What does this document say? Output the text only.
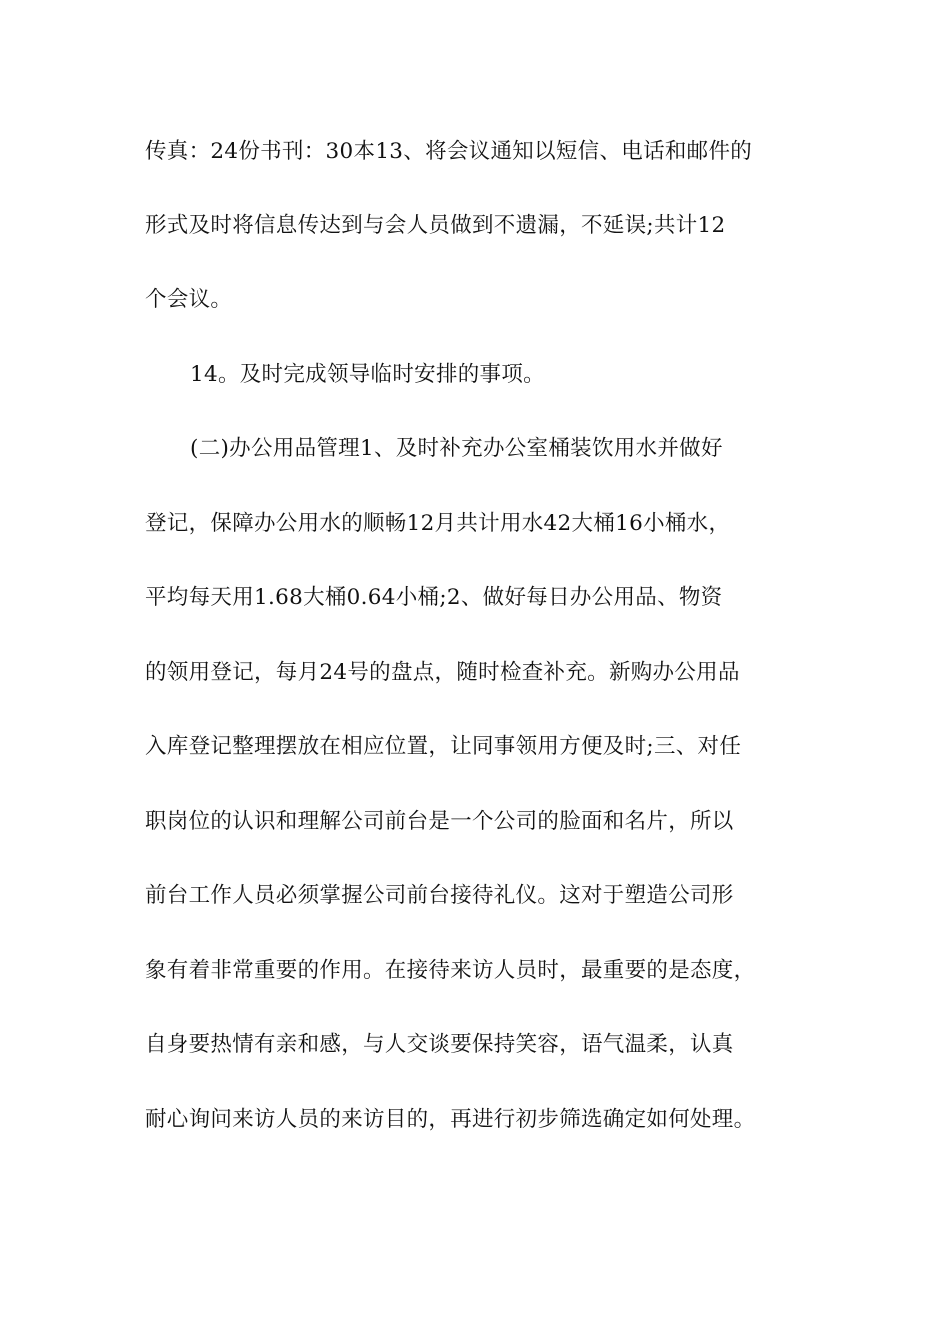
传真：24份书刊：30本13、将会议通知以短信、电话和邮件的
形式及时将信息传达到与会人员做到不遗漏，不延误;共计12
个会议。
14。及时完成领导临时安排的事项。
(二)办公用品管理1、及时补充办公室桶装饮用水并做好
登记，保障办公用水的顺畅12月共计用水42大桶16小桶水，
平均每天用1.68大桶0.64小桶;2、做好每日办公用品、物资
的领用登记，每月24号的盘点，随时检查补充。新购办公用品
入库登记整理摆放在相应位置，让同事领用方便及时;三、对任
职岗位的认识和理解公司前台是一个公司的脸面和名片，所以
前台工作人员必须掌握公司前台接待礼仪。这对于塑造公司形
象有着非常重要的作用。在接待来访人员时，最重要的是态度，
自身要热情有亲和感，与人交谈要保持笑容，语气温柔，认真
耐心询问来访人员的来访目的，再进行初步筛选确定如何处理。
